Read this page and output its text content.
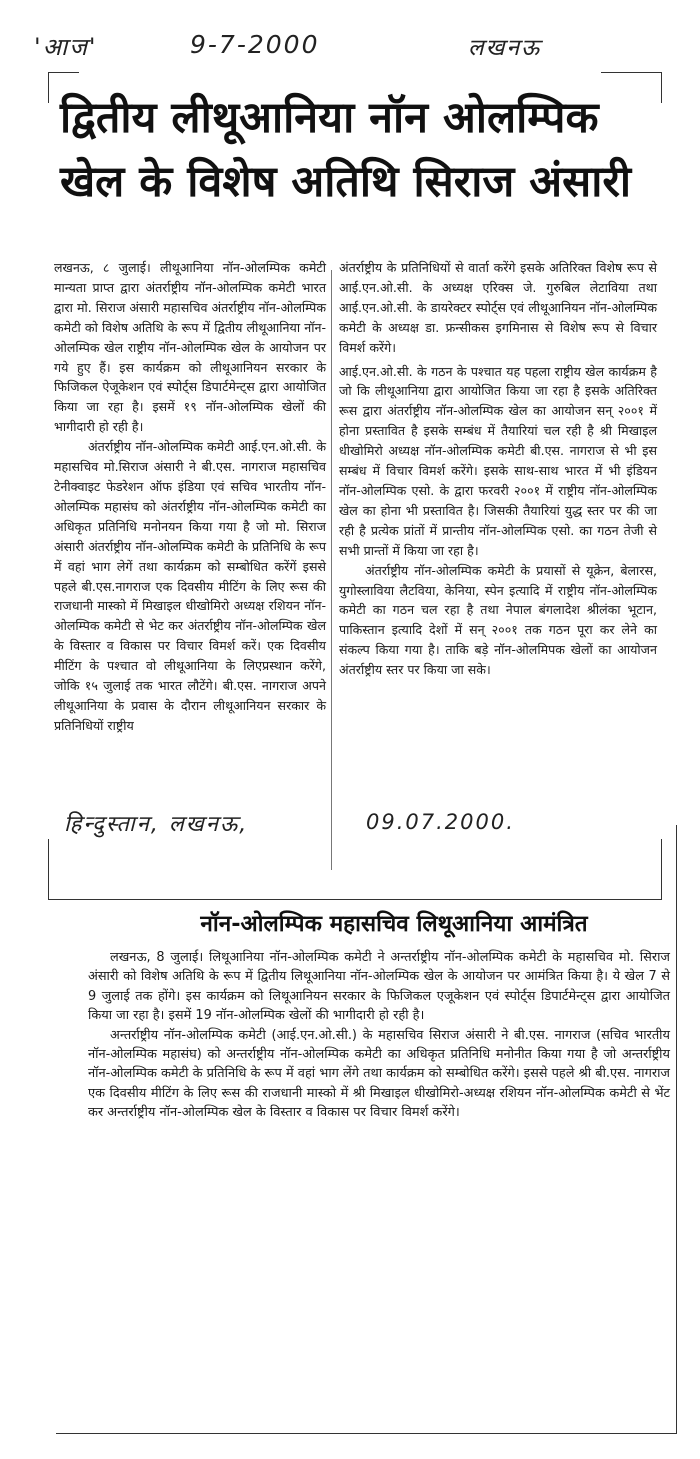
'आज'	9-7-2000	लखनऊ
द्वितीय लीथूआनिया नॉन ओलम्पिक
खेल के विशेष अतिथि सिराज अंसारी

लखनऊ, ८ जुलाई। लीथूआनिया नॉन-ओलम्पिक कमेटी मान्यता प्राप्त द्वारा अंतर्राष्ट्रीय नॉन-ओलम्पिक कमेटी भारत द्वारा मो. सिराज अंसारी महासचिव अंतर्राष्ट्रीय नॉन-ओलम्पिक कमेटी को विशेष अतिथि के रूप में द्वितीय लीथूआनिया नॉन- ओलम्पिक खेल राष्ट्रीय नॉन-ओलम्पिक खेल के आयोजन पर गये हुए हैं। इस कार्यक्रम को लीथूआनियन सरकार के फिजिकल ऐजूकेशन एवं स्पोर्ट्स डिपार्टमेन्ट्स द्वारा आयोजित किया जा रहा है। इसमें १९ नॉन-ओलम्पिक खेलों की भागीदारी हो रही है।

अंतर्राष्ट्रीय नॉन-ओलम्पिक कमेटी आई.एन.ओ.सी. के महासचिव मो.सिराज अंसारी ने बी.एस. नागराज महासचिव टेनीक्वाइट फेडरेशन ऑफ इंडिया एवं सचिव भारतीय नॉन-ओलम्पिक महासंघ को अंतर्राष्ट्रीय नॉन-ओलम्पिक कमेटी का अधिकृत प्रतिनिधि मनोनयन किया गया है जो मो. सिराज अंसारी अंतर्राष्ट्रीय नॉन-ओलम्पिक कमेटी के प्रतिनिधि के रूप में वहां भाग लेगें तथा कार्यक्रम को सम्बोधित करेंगें इससे पहले बी.एस.नागराज एक दिवसीय मीटिंग के लिए रूस की राजधानी मास्को में मिखाइल धीखोमिरो अध्यक्ष रशियन नॉन-ओलम्पिक कमेटी से भेट कर अंतर्राष्ट्रीय नॉन-ओलम्पिक खेल के विस्तार व विकास पर विचार विमर्श करें। एक दिवसीय मीटिंग के पश्चात वो लीथूआनिया के लिएप्रस्थान करेंगे, जोकि १५ जुलाई तक भारत लौटेंगे। बी.एस. नागराज अपने लीथूआनिया के प्रवास के दौरान लीथूआनियन सरकार के प्रतिनिधियों राष्ट्रीय

अंतर्राष्ट्रीय के प्रतिनिधियों से वार्ता करेंगे इसके अतिरिक्त विशेष रूप से आई.एन.ओ.सी. के अध्यक्ष एरिक्स जे. गुरुबिल लेटाविया तथा आई.एन.ओ.सी. के डायरेक्टर स्पोर्ट्स एवं लीथूआनियन नॉन-ओलम्पिक कमेटी के अध्यक्ष डा. फ्रन्सीकस इगमिनास से विशेष रूप से विचार विमर्श करेंगे।

आई.एन.ओ.सी. के गठन के पश्चात यह पहला राष्ट्रीय खेल कार्यक्रम है जो कि लीथूआनिया द्वारा आयोजित किया जा रहा है इसके अतिरिक्त रूस द्वारा अंतर्राष्ट्रीय नॉन-ओलम्पिक खेल का आयोजन सन् २००१ में होना प्रस्तावित है इसके सम्बंध में तैयारियां चल रही है श्री मिखाइल धीखोमिरो अध्यक्ष नॉन-ओलम्पिक कमेटी बी.एस. नागराज से भी इस सम्बंध में विचार विमर्श करेंगे। इसके साथ-साथ भारत में भी इंडियन नॉन-ओलम्पिक एसो. के द्वारा फरवरी २००१ में राष्ट्रीय नॉन-ओलम्पिक खेल का होना भी प्रस्तावित है। जिसकी तैयारियां युद्ध स्तर पर की जा रही है प्रत्येक प्रांतों में प्रान्तीय नॉन-ओलम्पिक एसो. का गठन तेजी से सभी प्रान्तों में किया जा रहा है।

अंतर्राष्ट्रीय नॉन-ओलम्पिक कमेटी के प्रयासों से यूक्रेन, बेलारस, युगोस्लाविया लैटविया, केनिया, स्पेन इत्यादि में राष्ट्रीय नॉन-ओलम्पिक कमेटी का गठन चल रहा है तथा नेपाल बंगलादेश श्रीलंका भूटान, पाकिस्तान इत्यादि देशों में सन् २००१ तक गठन पूरा कर लेने का संकल्प किया गया है। ताकि बड़े नॉन-ओलमिपक खेलों का आयोजन अंतर्राष्ट्रीय स्तर पर किया जा सके।

हिन्दुस्तान, लखनऊ,	09.07.2000.
नॉन-ओलम्पिक महासचिव लिथूआनिया आमंत्रित

लखनऊ, 8 जुलाई। लिथूआनिया नॉन-ओलम्पिक कमेटी ने अन्तर्राष्ट्रीय नॉन-ओलम्पिक कमेटी के महासचिव मो. सिराज अंसारी को विशेष अतिथि के रूप में द्वितीय लिथूआनिया नॉन-ओलम्पिक खेल के आयोजन पर आमंत्रित किया है। ये खेल 7 से 9 जुलाई तक होंगे। इस कार्यक्रम को लिथूआनियन सरकार के फिजिकल एजूकेशन एवं स्पोर्ट्स डिपार्टमेन्ट्स द्वारा आयोजित किया जा रहा है। इसमें 19 नॉन-ओलम्पिक खेलों की भागीदारी हो रही है।

अन्तर्राष्ट्रीय नॉन-ओलम्पिक कमेटी (आई.एन.ओ.सी.) के महासचिव सिराज अंसारी ने बी.एस. नागराज (सचिव भारतीय नॉन-ओलम्पिक महासंघ) को अन्तर्राष्ट्रीय नॉन-ओलम्पिक कमेटी का अधिकृत प्रतिनिधि मनोनीत किया गया है जो अन्तर्राष्ट्रीय नॉन-ओलम्पिक कमेटी के प्रतिनिधि के रूप में वहां भाग लेंगे तथा कार्यक्रम को सम्बोधित करेंगे। इससे पहले श्री बी.एस. नागराज एक दिवसीय मीटिंग के लिए रूस की राजधानी मास्को में श्री मिखाइल धीखोमिरो-अध्यक्ष रशियन नॉन-ओलम्पिक कमेटी से भेंट कर अन्तर्राष्ट्रीय नॉन-ओलम्पिक खेल के विस्तार व विकास पर विचार विमर्श करेंगे।
